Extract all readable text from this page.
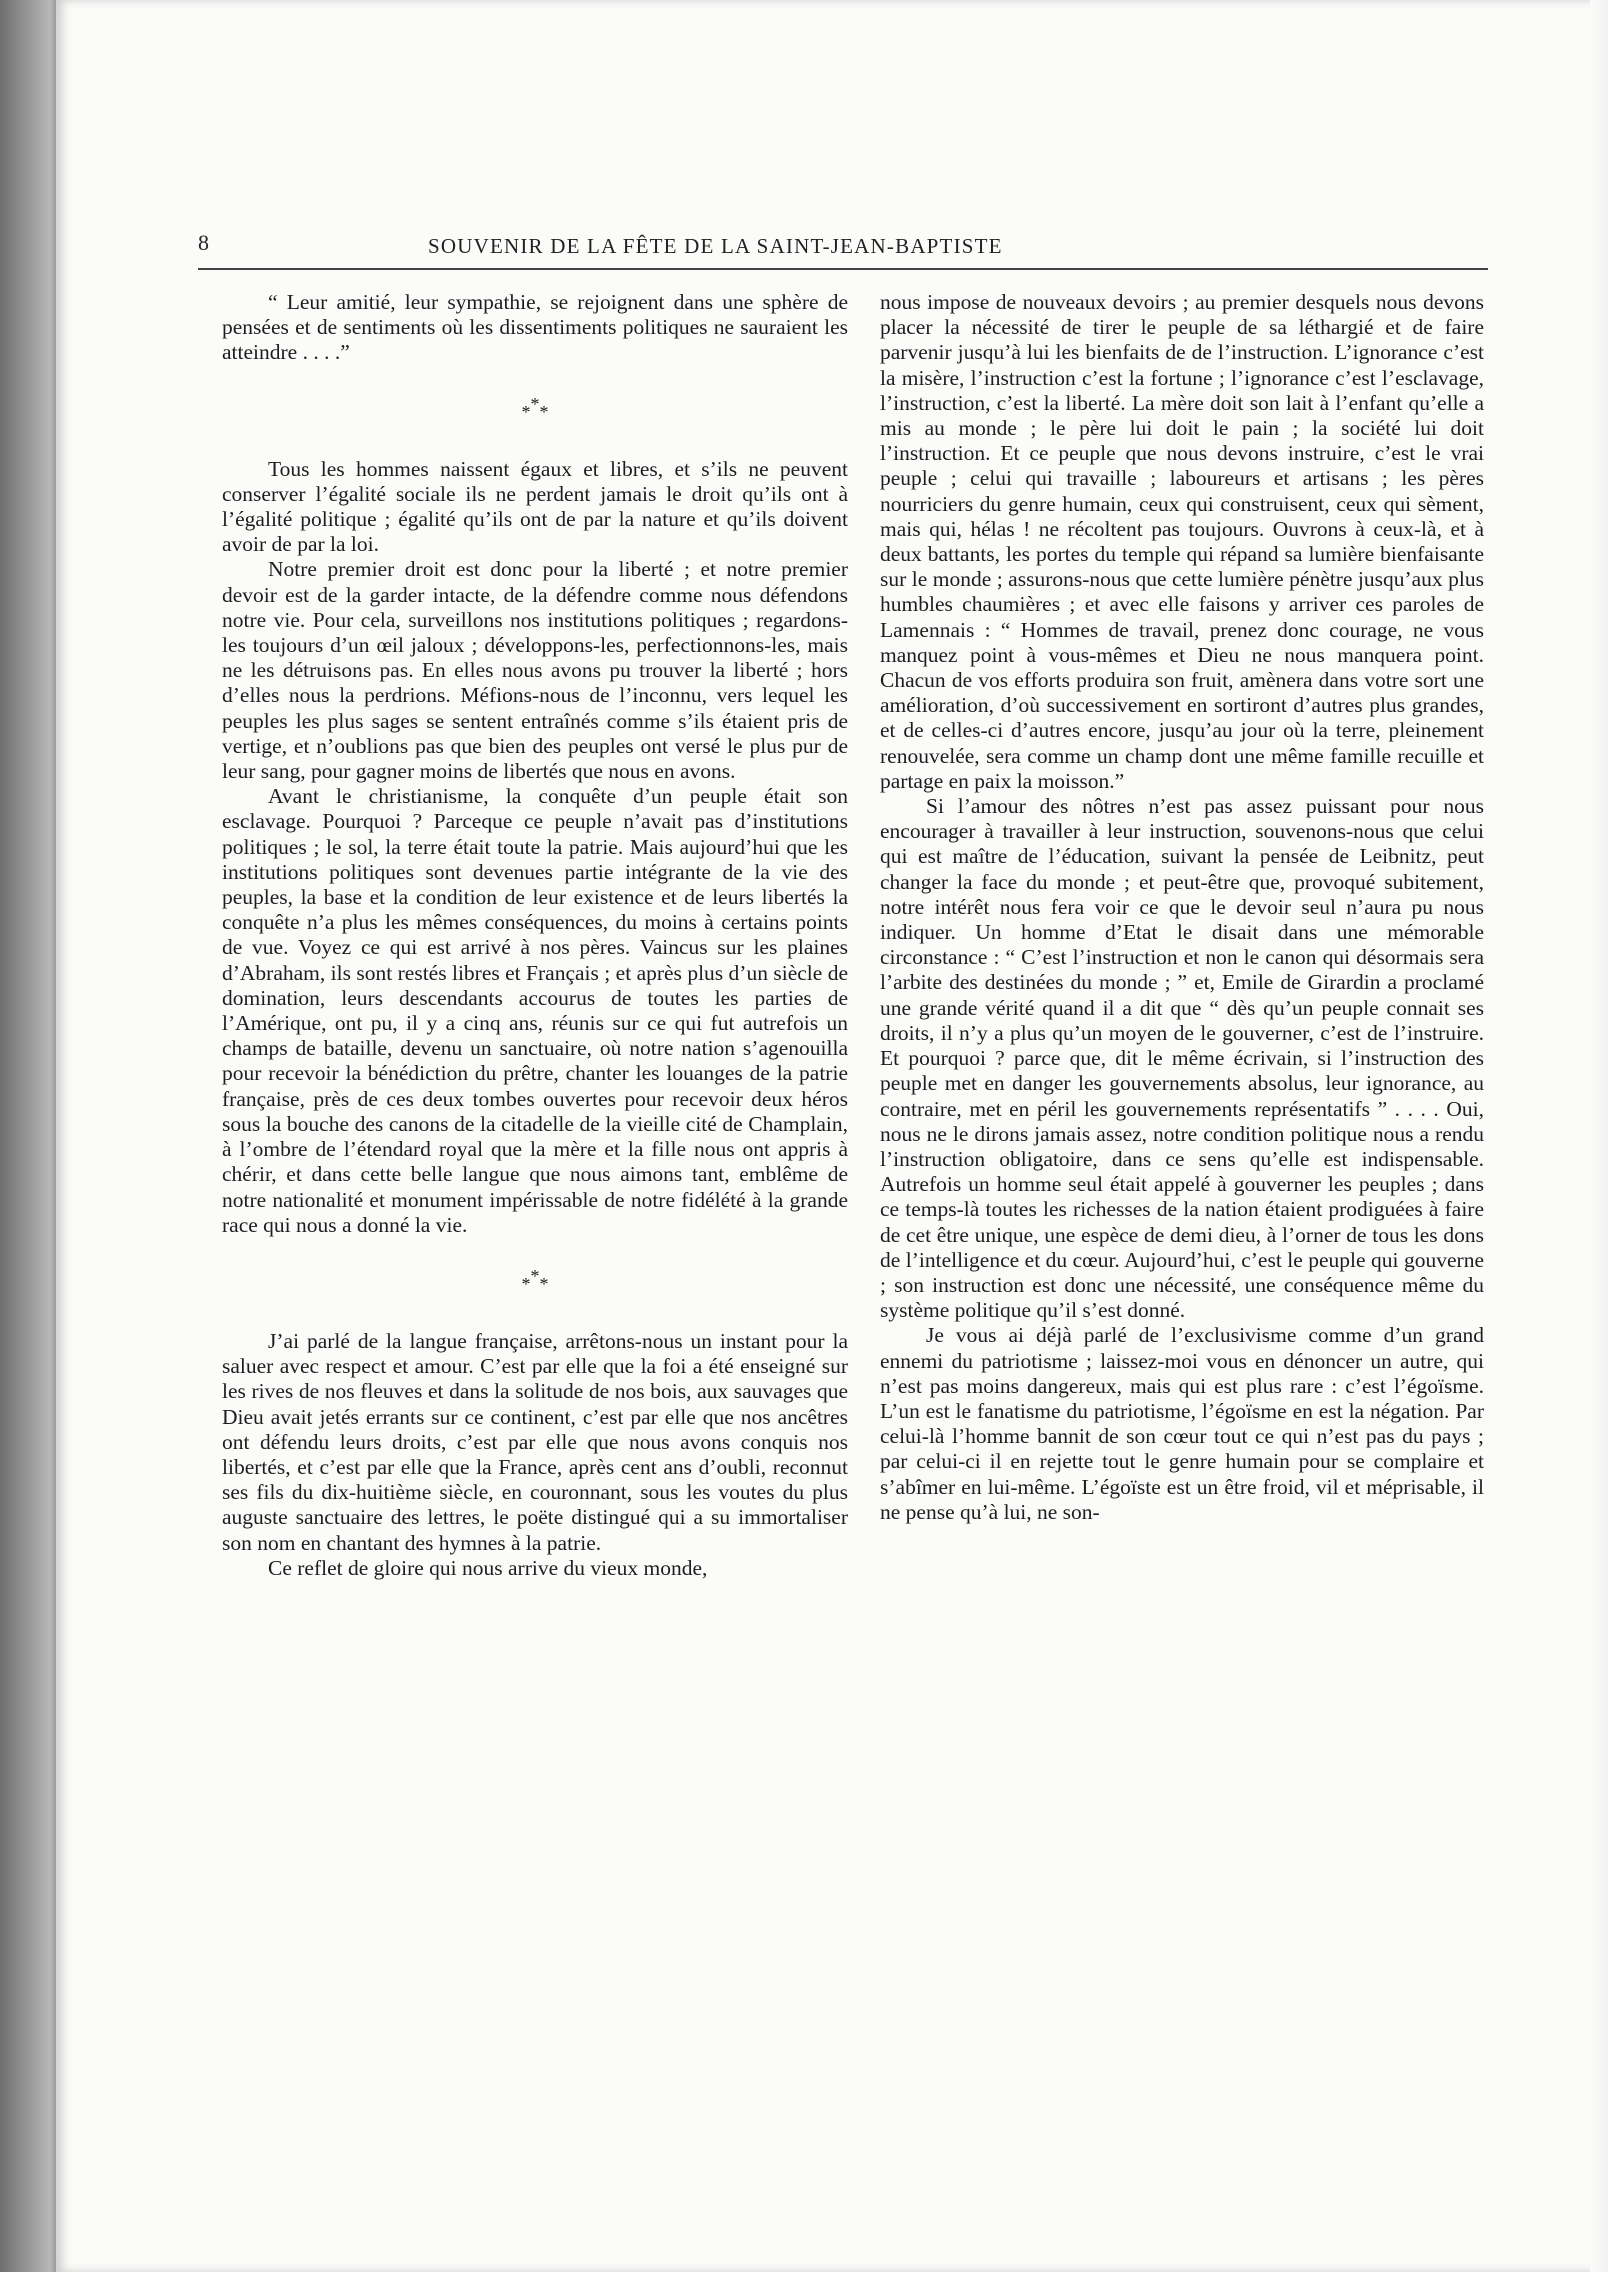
8	SOUVENIR DE LA FÊTE DE LA SAINT-JEAN-BAPTISTE

“ Leur amitié, leur sympathie, se rejoignent dans une sphère de pensées et de sentiments où les dissentiments politiques ne sauraient les atteindre . . . .”

***

Tous les hommes naissent égaux et libres, et s’ils ne peuvent conserver l’égalité sociale ils ne perdent jamais le droit qu’ils ont à l’égalité politique ; égalité qu’ils ont de par la nature et qu’ils doivent avoir de par la loi.

Notre premier droit est donc pour la liberté ; et notre premier devoir est de la garder intacte, de la défendre comme nous défendons notre vie. Pour cela, surveillons nos institutions politiques ; regardons-les toujours d’un œil jaloux ; développons-les, perfectionnons-les, mais ne les détruisons pas. En elles nous avons pu trouver la liberté ; hors d’elles nous la perdrions. Méfions-nous de l’inconnu, vers lequel les peuples les plus sages se sentent entraînés comme s’ils étaient pris de vertige, et n’oublions pas que bien des peuples ont versé le plus pur de leur sang, pour gagner moins de libertés que nous en avons.

Avant le christianisme, la conquête d’un peuple était son esclavage. Pourquoi ? Parceque ce peuple n’avait pas d’institutions politiques ; le sol, la terre était toute la patrie. Mais aujourd’hui que les institutions politiques sont devenues partie intégrante de la vie des peuples, la base et la condition de leur existence et de leurs libertés la conquête n’a plus les mêmes conséquences, du moins à certains points de vue. Voyez ce qui est arrivé à nos pères. Vaincus sur les plaines d’Abraham, ils sont restés libres et Français ; et après plus d’un siècle de domination, leurs descendants accourus de toutes les parties de l’Amérique, ont pu, il y a cinq ans, réunis sur ce qui fut autrefois un champs de bataille, devenu un sanctuaire, où notre nation s’agenouilla pour recevoir la bénédiction du prêtre, chanter les louanges de la patrie française, près de ces deux tombes ouvertes pour recevoir deux héros sous la bouche des canons de la citadelle de la vieille cité de Champlain, à l’ombre de l’étendard royal que la mère et la fille nous ont appris à chérir, et dans cette belle langue que nous aimons tant, emblême de notre nationalité et monument impérissable de notre fidélété à la grande race qui nous a donné la vie.

***

J’ai parlé de la langue française, arrêtons-nous un instant pour la saluer avec respect et amour. C’est par elle que la foi a été enseigné sur les rives de nos fleuves et dans la solitude de nos bois, aux sauvages que Dieu avait jetés errants sur ce continent, c’est par elle que nos ancêtres ont défendu leurs droits, c’est par elle que nous avons conquis nos libertés, et c’est par elle que la France, après cent ans d’oubli, reconnut ses fils du dix-huitième siècle, en couronnant, sous les voutes du plus auguste sanctuaire des lettres, le poëte distingué qui a su immortaliser son nom en chantant des hymnes à la patrie.

Ce reflet de gloire qui nous arrive du vieux monde,

nous impose de nouveaux devoirs ; au premier desquels nous devons placer la nécessité de tirer le peuple de sa léthargié et de faire parvenir jusqu’à lui les bienfaits de de l’instruction. L’ignorance c’est la misère, l’instruction c’est la fortune ; l’ignorance c’est l’esclavage, l’instruction, c’est la liberté. La mère doit son lait à l’enfant qu’elle a mis au monde ; le père lui doit le pain ; la société lui doit l’instruction. Et ce peuple que nous devons instruire, c’est le vrai peuple ; celui qui travaille ; laboureurs et artisans ; les pères nourriciers du genre humain, ceux qui construisent, ceux qui sèment, mais qui, hélas ! ne récoltent pas toujours. Ouvrons à ceux-là, et à deux battants, les portes du temple qui répand sa lumière bienfaisante sur le monde ; assurons-nous que cette lumière pénètre jusqu’aux plus humbles chaumières ; et avec elle faisons y arriver ces paroles de Lamennais : “ Hommes de travail, prenez donc courage, ne vous manquez point à vous-mêmes et Dieu ne nous manquera point. Chacun de vos efforts produira son fruit, amènera dans votre sort une amélioration, d’où successivement en sortiront d’autres plus grandes, et de celles-ci d’autres encore, jusqu’au jour où la terre, pleinement renouvelée, sera comme un champ dont une même famille recuille et partage en paix la moisson.”

Si l’amour des nôtres n’est pas assez puissant pour nous encourager à travailler à leur instruction, souvenons-nous que celui qui est maître de l’éducation, suivant la pensée de Leibnitz, peut changer la face du monde ; et peut-être que, provoqué subitement, notre intérêt nous fera voir ce que le devoir seul n’aura pu nous indiquer. Un homme d’Etat le disait dans une mémorable circonstance : “ C’est l’instruction et non le canon qui désormais sera l’arbite des destinées du monde ; ” et, Emile de Girardin a proclamé une grande vérité quand il a dit que “ dès qu’un peuple connait ses droits, il n’y a plus qu’un moyen de le gouverner, c’est de l’instruire. Et pourquoi ? parce que, dit le même écrivain, si l’instruction des peuple met en danger les gouvernements absolus, leur ignorance, au contraire, met en péril les gouvernements représentatifs ” . . . . Oui, nous ne le dirons jamais assez, notre condition politique nous a rendu l’instruction obligatoire, dans ce sens qu’elle est indispensable. Autrefois un homme seul était appelé à gouverner les peuples ; dans ce temps-là toutes les richesses de la nation étaient prodiguées à faire de cet être unique, une espèce de demi dieu, à l’orner de tous les dons de l’intelligence et du cœur. Aujourd’hui, c’est le peuple qui gouverne ; son instruction est donc une nécessité, une conséquence même du système politique qu’il s’est donné.

Je vous ai déjà parlé de l’exclusivisme comme d’un grand ennemi du patriotisme ; laissez-moi vous en dénoncer un autre, qui n’est pas moins dangereux, mais qui est plus rare : c’est l’égoïsme. L’un est le fanatisme du patriotisme, l’égoïsme en est la négation. Par celui-là l’homme bannit de son cœur tout ce qui n’est pas du pays ; par celui-ci il en rejette tout le genre humain pour se complaire et s’abîmer en lui-même. L’égoïste est un être froid, vil et méprisable, il ne pense qu’à lui, ne son-
